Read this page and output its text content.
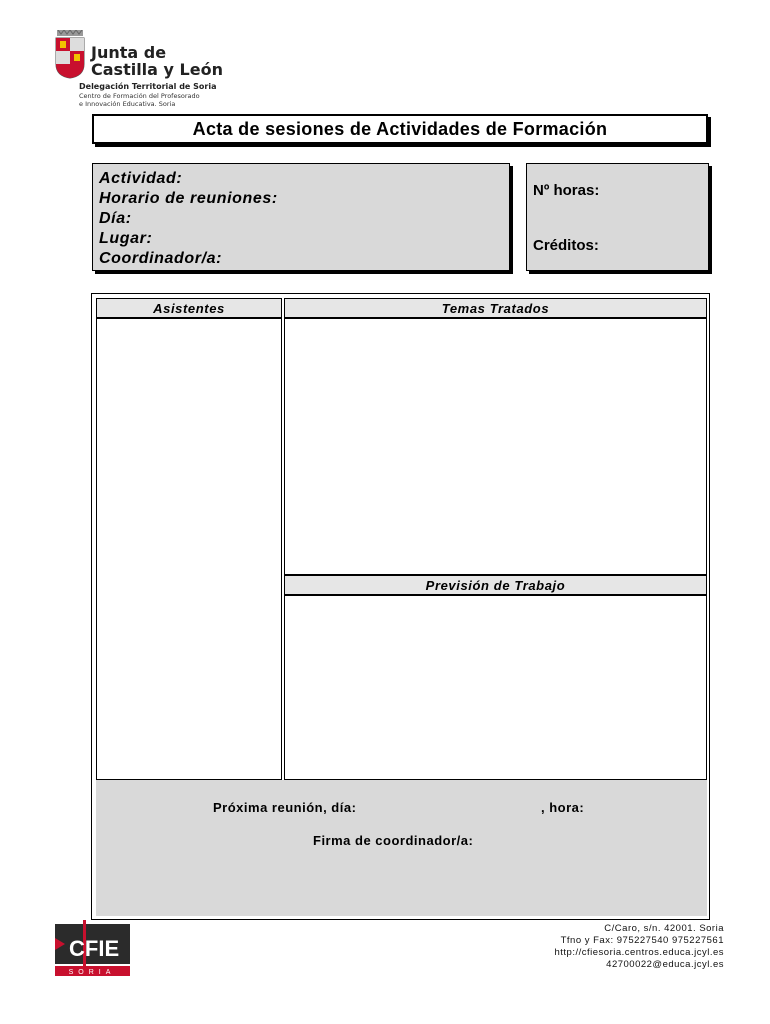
Junta de
Castilla y León
Delegación Territorial de Soria
Centro de Formación del Profesorado
e Innovación Educativa. Soria
Acta de sesiones de Actividades de Formación
Actividad:
Horario de reuniones:
Día:
Lugar:
Coordinador/a:
Nº horas:
Créditos:
Asistentes	Temas Tratados
Previsión de Trabajo
Próxima reunión, día:	, hora:
Firma de coordinador/a:
CFIE
SORIA
C/Caro, s/n. 42001. Soria
Tfno y Fax: 975227540 975227561
http://cfiesoria.centros.educa.jcyl.es
42700022@educa.jcyl.es
